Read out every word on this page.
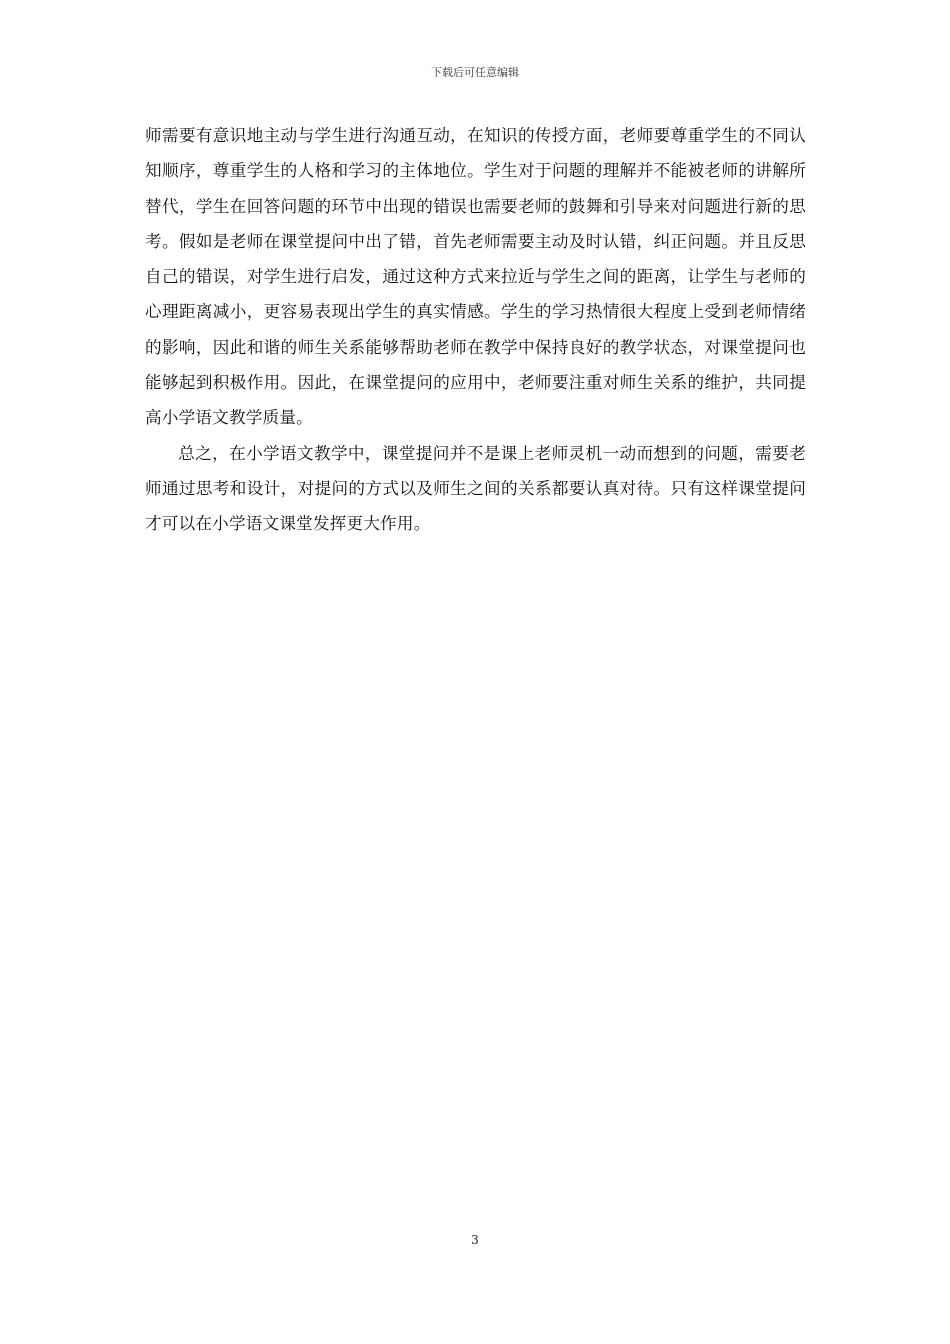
下载后可任意编辑

师需要有意识地主动与学生进行沟通互动，在知识的传授方面，老师要尊重学生的不同认知顺序，尊重学生的人格和学习的主体地位。学生对于问题的理解并不能被老师的讲解所替代，学生在回答问题的环节中出现的错误也需要老师的鼓舞和引导来对问题进行新的思考。假如是老师在课堂提问中出了错，首先老师需要主动及时认错，纠正问题。并且反思自己的错误，对学生进行启发，通过这种方式来拉近与学生之间的距离，让学生与老师的心理距离减小，更容易表现出学生的真实情感。学生的学习热情很大程度上受到老师情绪的影响，因此和谐的师生关系能够帮助老师在教学中保持良好的教学状态，对课堂提问也能够起到积极作用。因此，在课堂提问的应用中，老师要注重对师生关系的维护，共同提高小学语文教学质量。

总之，在小学语文教学中，课堂提问并不是课上老师灵机一动而想到的问题，需要老师通过思考和设计，对提问的方式以及师生之间的关系都要认真对待。只有这样课堂提问才可以在小学语文课堂发挥更大作用。

3
